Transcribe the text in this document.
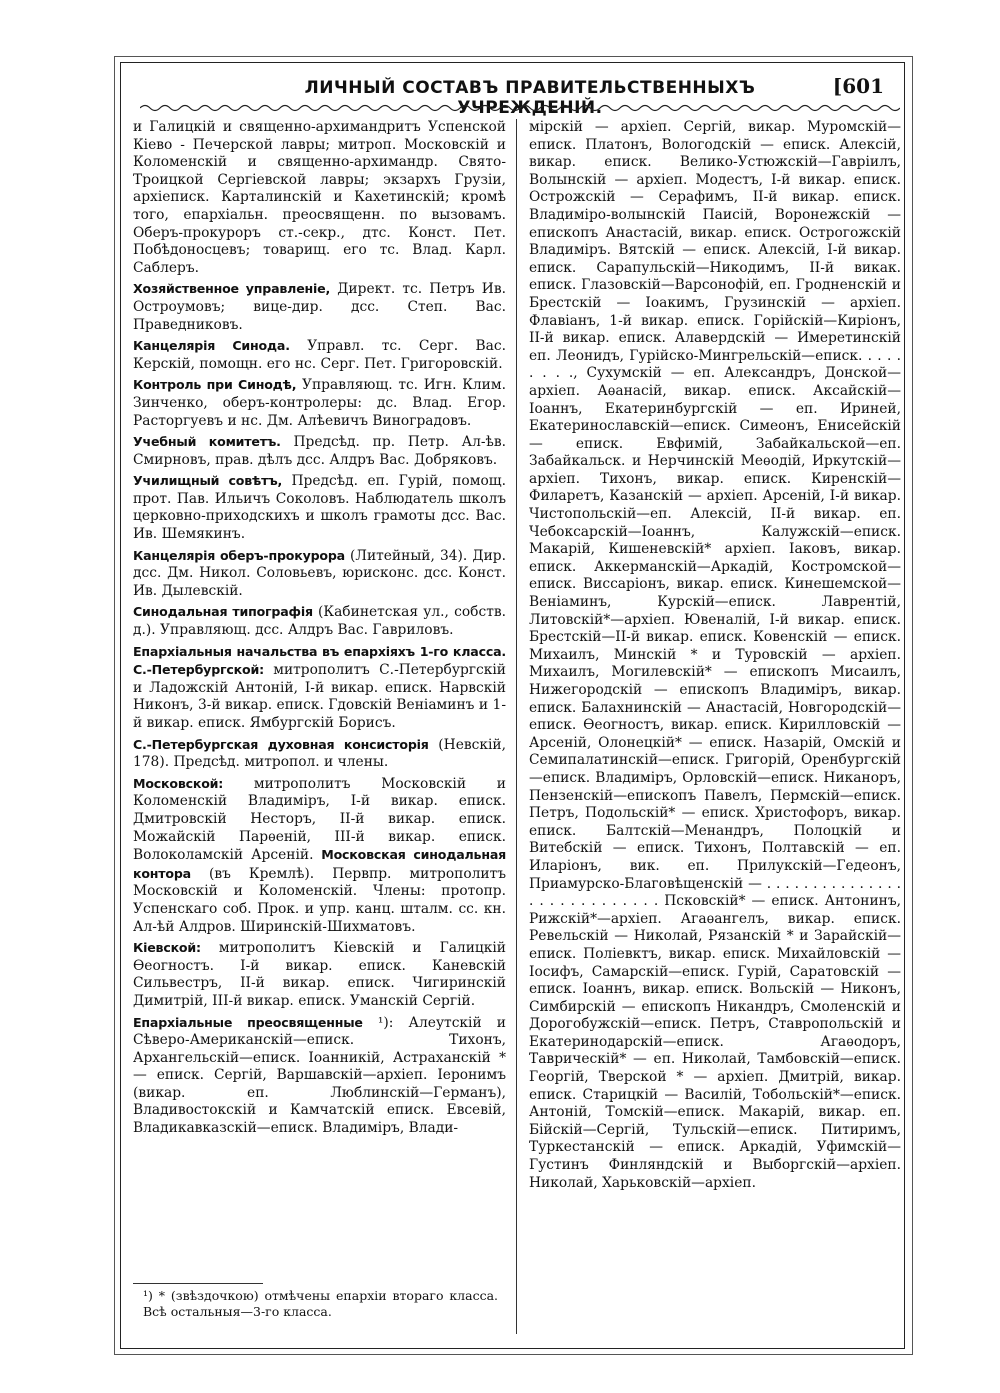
ЛИЧНЫЙ СОСТАВЪ ПРАВИТЕЛЬСТВЕННЫХЪ УЧРЕЖДЕНІЙ.
[601

и Галицкій и священно-архимандритъ Успенской Кіево - Печерской лавры; митроп. Московскій и Коломенскій и священно-архимандр. Свято-Троицкой Сергіевской лавры; экзархъ Грузіи, архіеписк. Карталинскій и Кахетинскій; кромѣ того, епархіальн. преосвященн. по вызовамъ. Оберъ-прокуроръ ст.-секр., дтс. Конст. Пет. Побѣдоносцевъ; товарищ. его тс. Влад. Карл. Саблеръ.

Хозяйственное управленіе, Директ. тс. Петръ Ив. Остроумовъ; вице-дир. дсс. Степ. Вас. Праведниковъ.

Канцелярія Синода. Управл. тс. Серг. Вас. Керскій, помощн. его нс. Серг. Пет. Григоровскій.

Контроль при Синодѣ, Управляющ. тс. Игн. Клим. Зинченко, оберъ-контролеры: дс. Влад. Егор. Расторгуевъ и нс. Дм. Алѣевичъ Виноградовъ.

Учебный комитетъ. Предсѣд. пр. Петр. Ал-ѣв. Смирновъ, прав. дѣлъ дсс. Алдръ Вас. Добряковъ.

Училищный совѣтъ, Предсѣд. еп. Гурій, помощ. прот. Пав. Ильичъ Соколовъ. Наблюдатель школъ церковно-приходскихъ и школъ грамоты дсс. Вас. Ив. Шемякинъ.

Канцелярія оберъ-прокурора (Литейный, 34). Дир. дсс. Дм. Никол. Соловьевъ, юрисконс. дсс. Конст. Ив. Дылевскій.

Синодальная типографія (Кабинетская ул., собств. д.). Управляющ. дсс. Алдръ Вас. Гавриловъ.

Епархіальныя начальства въ епархіяхъ 1-го класса. С.-Петербургской: митрополитъ С.-Петербургскій и Ладожскій Антоній, І-й викар. еписк. Нарвскій Никонъ, 3-й викар. еписк. Гдовскій Веніаминъ и 1-й викар. еписк. Ямбургскій Борисъ.

С.-Петербургская духовная консисторія (Невскій, 178). Предсѣд. митропол. и члены.

Московской: митрополитъ Московскій и Коломенскій Владиміръ, І-й викар. еписк. Дмитровскій Несторъ, ІІ-й викар. еписк. Можайскій Парѳеній, ІІІ-й викар. еписк. Волоколамскій Арсеній. Московская синодальная контора (въ Кремлѣ). Первпр. митрополитъ Московскій и Коломенскій. Члены: протопр. Успенскаго соб. Прок. и упр. канц. шталм. сс. кн. Ал-ѣй Алдров. Ширинскій-Шихматовъ.

Кіевской: митрополитъ Кіевскій и Галицкій Ѳеогностъ. І-й викар. еписк. Каневскій Сильвестръ, ІІ-й викар. еписк. Чигиринскій Димитрій, ІІІ-й викар. еписк. Уманскій Сергій.

Епархіальные преосвященные ¹): Алеутскій и Сѣверо-Американскій—еписк. Тихонъ, Архангельскій—еписк. Іоанникій, Астраханскій * — еписк. Сергій, Варшавскій—архіеп. Іеронимъ (викар. еп. Люблинскій—Германъ), Владивостокскій и Камчатскій еписк. Евсевій, Владикавказскій—еписк. Владиміръ, Влади-

мірскій — архіеп. Сергій, викар. Муромскій—еписк. Платонъ, Вологодскій — еписк. Алексій, викар. еписк. Велико-Устюжскій—Гавріилъ, Волынскій — архіеп. Модестъ, І-й викар. еписк. Острожскій — Серафимъ, ІІ-й викар. еписк. Владиміро-волынскій Паисій, Воронежскій — епископъ Анастасій, викар. еписк. Острогожскій Владиміръ. Вятскій — еписк. Алексій, І-й викар. еписк. Сарапульскій—Никодимъ, ІІ-й викак. еписк. Глазовскій—Варсонофій, еп. Гродненскій и Брестскій — Іоакимъ, Грузинскій — архіеп. Флавіанъ, 1-й викар. еписк. Горійскій—Киріонъ, ІІ-й викар. еписк. Алавердскій — Имеретинскій еп. Леонидъ, Гурійско-Мингрельскій—еписк. . . . . . . . ., Сухумскій — еп. Александръ, Донской—архіеп. Аѳанасій, викар. еписк. Аксайскій—Іоаннъ, Екатеринбургскій — еп. Ириней, Екатеринославскій—еписк. Симеонъ, Енисейскій — еписк. Евфимій, Забайкальской—еп. Забайкальск. и Нерчинскій Меѳодій, Иркутскій—архіеп. Тихонъ, викар. еписк. Киренскій—Филаретъ, Казанскій — архіеп. Арсеній, І-й викар. Чистопольскій—еп. Алексій, ІІ-й викар. еп. Чебоксарскій—Іоаннъ, Калужскій—еписк. Макарій, Кишеневскій* архіеп. Іаковъ, викар. еписк. Аккерманскій—Аркадій, Костромской—еписк. Виссаріонъ, викар. еписк. Кинешемской—Веніаминъ, Курскій—еписк. Лаврентій, Литовскій*—архіеп. Ювеналій, І-й викар. еписк. Брестскій—ІІ-й викар. еписк. Ковенскій — еписк. Михаилъ, Минскій * и Туровскій — архіеп. Михаилъ, Могилевскій* — епископъ Мисаилъ, Нижегородскій — епископъ Владиміръ, викар. еписк. Балахнинскій — Анастасій, Новгородскій—еписк. Ѳеогностъ, викар. еписк. Кирилловскій — Арсеній, Олонецкій* — еписк. Назарій, Омскій и Семипалатинскій—еписк. Григорій, Оренбургскій—еписк. Владиміръ, Орловскій—еписк. Никаноръ, Пензенскій—епископъ Павелъ, Пермскій—еписк. Петръ, Подольскій* — еписк. Христофоръ, викар. еписк. Балтскій—Менандръ, Полоцкій и Витебскій — еписк. Тихонъ, Полтавскій — еп. Иларіонъ, вик. еп. Прилукскій—Гедеонъ, Приамурско-Благовѣщенскій — . . . . . . . . . . . . . . . . . . . . . . . . . . . . Псковскій* — еписк. Антонинъ, Рижскій*—архіеп. Агаѳангелъ, викар. еписк. Ревельскій — Николай, Рязанскій * и Зарайскій—еписк. Поліевктъ, викар. еписк. Михайловскій — Іосифъ, Самарскій—еписк. Гурій, Саратовскій — еписк. Іоаннъ, викар. еписк. Вольскій — Никонъ, Симбирскій — епископъ Никандръ, Смоленскій и Дорогобужскій—еписк. Петръ, Ставропольскій и Екатеринодарскій—еписк. Агаѳодоръ, Таврическій* — еп. Николай, Тамбовскій—еписк. Георгій, Тверской * — архіеп. Дмитрій, викар. еписк. Старицкій — Василій, Тобольскій*—еписк. Антоній, Томскій—еписк. Макарій, викар. еп. Бійскій—Сергій, Тульскій—еписк. Питиримъ, Туркестанскій — еписк. Аркадій, Уфимскій—Густинъ Финляндскій и Выборгскій—архіеп. Николай, Харьковскій—архіеп.

¹) * (звѣздочкою) отмѣчены епархіи втораго класса. Всѣ остальныя—3-го класса.
